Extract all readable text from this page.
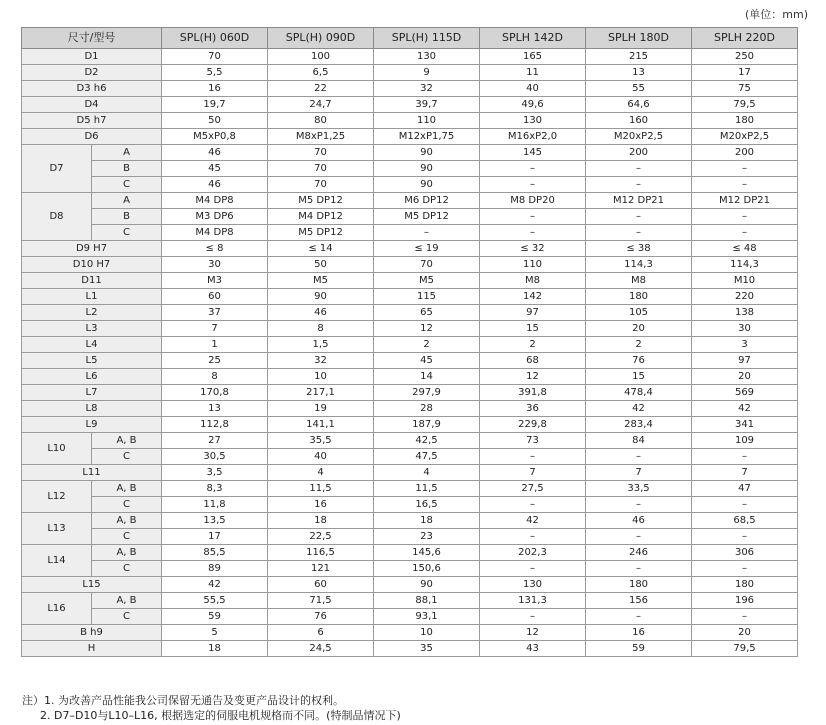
(单位：mm)
尺寸/型号		SPL(H) 060D	SPL(H) 090D	SPL(H) 115D	SPLH 142D	SPLH 180D	SPLH 220D
D1		70	100	130	165	215	250
D2		5,5	6,5	9	11	13	17
D3 h6		16	22	32	40	55	75
D4		19,7	24,7	39,7	49,6	64,6	79,5
D5 h7		50	80	110	130	160	180
D6		M5xP0,8	M8xP1,25	M12xP1,75	M16xP2,0	M20xP2,5	M20xP2,5
D7	A	46	70	90	145	200	200
	B	45	70	90	–	–	–
	C	46	70	90	–	–	–
D8	A	M4 DP8	M5 DP12	M6 DP12	M8 DP20	M12 DP21	M12 DP21
	B	M3 DP6	M4 DP12	M5 DP12	–	–	–
	C	M4 DP8	M5 DP12	–	–	–	–
D9 H7		≤ 8	≤ 14	≤ 19	≤ 32	≤ 38	≤ 48
D10 H7		30	50	70	110	114,3	114,3
D11		M3	M5	M5	M8	M8	M10
L1		60	90	115	142	180	220
L2		37	46	65	97	105	138
L3		7	8	12	15	20	30
L4		1	1,5	2	2	2	3
L5		25	32	45	68	76	97
L6		8	10	14	12	15	20
L7		170,8	217,1	297,9	391,8	478,4	569
L8		13	19	28	36	42	42
L9		112,8	141,1	187,9	229,8	283,4	341
L10	A, B	27	35,5	42,5	73	84	109
	C	30,5	40	47,5	–	–	–
L11		3,5	4	4	7	7	7
L12	A, B	8,3	11,5	11,5	27,5	33,5	47
	C	11,8	16	16,5	–	–	–
L13	A, B	13,5	18	18	42	46	68,5
	C	17	22,5	23	–	–	–
L14	A, B	85,5	116,5	145,6	202,3	246	306
	C	89	121	150,6	–	–	–
L15		42	60	90	130	180	180
L16	A, B	55,5	71,5	88,1	131,3	156	196
	C	59	76	93,1	–	–	–
B h9		5	6	10	12	16	20
H		18	24,5	35	43	59	79,5
注）1. 为改善产品性能我公司保留无通告及变更产品设计的权利。
2. D7–D10与L10–L16, 根据选定的伺服电机规格而不同。(特制品情况下)
